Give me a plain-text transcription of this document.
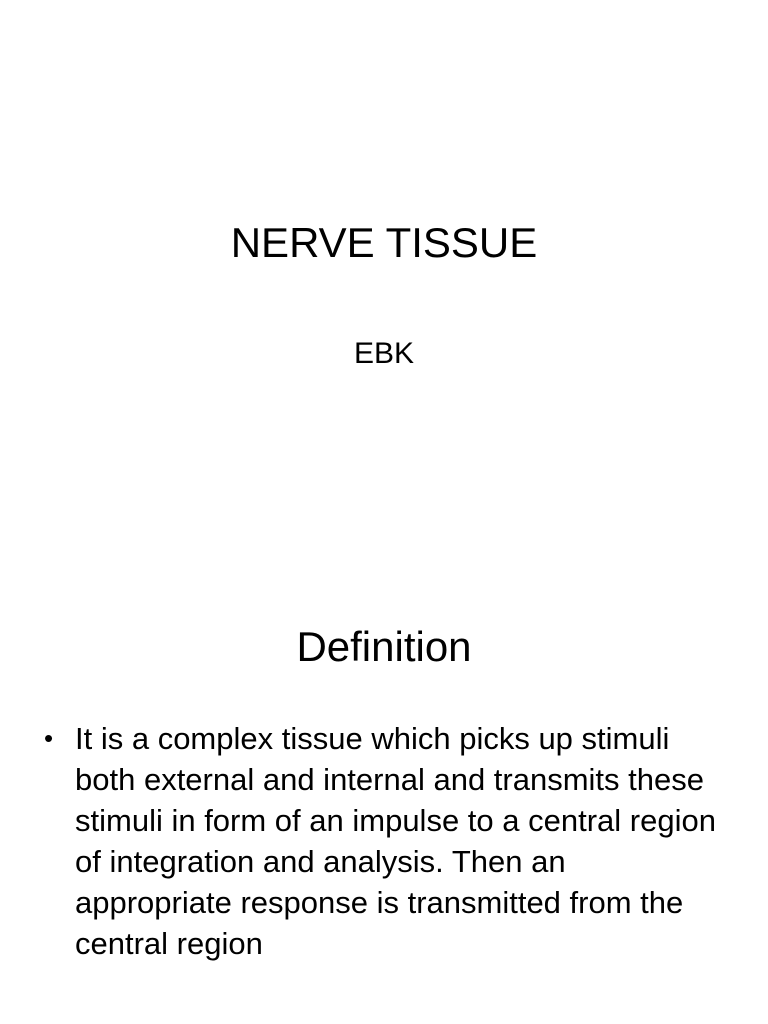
NERVE TISSUE

EBK

Definition
• It is a complex tissue which picks up stimuli both external and internal and transmits these stimuli in form of an impulse to a central region of integration and analysis. Then an appropriate response is transmitted from the central region
